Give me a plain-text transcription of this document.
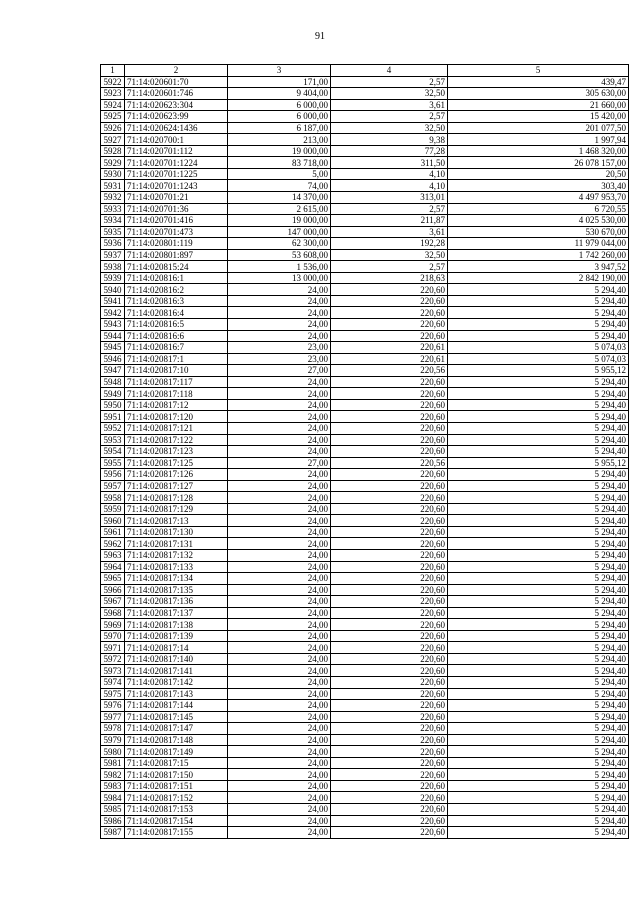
91
1	2	3	4	5
5922	71:14:020601:70	171,00	2,57	439,47
5923	71:14:020601:746	9 404,00	32,50	305 630,00
5924	71:14:020623:304	6 000,00	3,61	21 660,00
5925	71:14:020623:99	6 000,00	2,57	15 420,00
5926	71:14:020624:1436	6 187,00	32,50	201 077,50
5927	71:14:020700:1	213,00	9,38	1 997,94
5928	71:14:020701:112	19 000,00	77,28	1 468 320,00
5929	71:14:020701:1224	83 718,00	311,50	26 078 157,00
5930	71:14:020701:1225	5,00	4,10	20,50
5931	71:14:020701:1243	74,00	4,10	303,40
5932	71:14:020701:21	14 370,00	313,01	4 497 953,70
5933	71:14:020701:36	2 615,00	2,57	6 720,55
5934	71:14:020701:416	19 000,00	211,87	4 025 530,00
5935	71:14:020701:473	147 000,00	3,61	530 670,00
5936	71:14:020801:119	62 300,00	192,28	11 979 044,00
5937	71:14:020801:897	53 608,00	32,50	1 742 260,00
5938	71:14:020815:24	1 536,00	2,57	3 947,52
5939	71:14:020816:1	13 000,00	218,63	2 842 190,00
5940	71:14:020816:2	24,00	220,60	5 294,40
5941	71:14:020816:3	24,00	220,60	5 294,40
5942	71:14:020816:4	24,00	220,60	5 294,40
5943	71:14:020816:5	24,00	220,60	5 294,40
5944	71:14:020816:6	24,00	220,60	5 294,40
5945	71:14:020816:7	23,00	220,61	5 074,03
5946	71:14:020817:1	23,00	220,61	5 074,03
5947	71:14:020817:10	27,00	220,56	5 955,12
5948	71:14:020817:117	24,00	220,60	5 294,40
5949	71:14:020817:118	24,00	220,60	5 294,40
5950	71:14:020817:12	24,00	220,60	5 294,40
5951	71:14:020817:120	24,00	220,60	5 294,40
5952	71:14:020817:121	24,00	220,60	5 294,40
5953	71:14:020817:122	24,00	220,60	5 294,40
5954	71:14:020817:123	24,00	220,60	5 294,40
5955	71:14:020817:125	27,00	220,56	5 955,12
5956	71:14:020817:126	24,00	220,60	5 294,40
5957	71:14:020817:127	24,00	220,60	5 294,40
5958	71:14:020817:128	24,00	220,60	5 294,40
5959	71:14:020817:129	24,00	220,60	5 294,40
5960	71:14:020817:13	24,00	220,60	5 294,40
5961	71:14:020817:130	24,00	220,60	5 294,40
5962	71:14:020817:131	24,00	220,60	5 294,40
5963	71:14:020817:132	24,00	220,60	5 294,40
5964	71:14:020817:133	24,00	220,60	5 294,40
5965	71:14:020817:134	24,00	220,60	5 294,40
5966	71:14:020817:135	24,00	220,60	5 294,40
5967	71:14:020817:136	24,00	220,60	5 294,40
5968	71:14:020817:137	24,00	220,60	5 294,40
5969	71:14:020817:138	24,00	220,60	5 294,40
5970	71:14:020817:139	24,00	220,60	5 294,40
5971	71:14:020817:14	24,00	220,60	5 294,40
5972	71:14:020817:140	24,00	220,60	5 294,40
5973	71:14:020817:141	24,00	220,60	5 294,40
5974	71:14:020817:142	24,00	220,60	5 294,40
5975	71:14:020817:143	24,00	220,60	5 294,40
5976	71:14:020817:144	24,00	220,60	5 294,40
5977	71:14:020817:145	24,00	220,60	5 294,40
5978	71:14:020817:147	24,00	220,60	5 294,40
5979	71:14:020817:148	24,00	220,60	5 294,40
5980	71:14:020817:149	24,00	220,60	5 294,40
5981	71:14:020817:15	24,00	220,60	5 294,40
5982	71:14:020817:150	24,00	220,60	5 294,40
5983	71:14:020817:151	24,00	220,60	5 294,40
5984	71:14:020817:152	24,00	220,60	5 294,40
5985	71:14:020817:153	24,00	220,60	5 294,40
5986	71:14:020817:154	24,00	220,60	5 294,40
5987	71:14:020817:155	24,00	220,60	5 294,40
